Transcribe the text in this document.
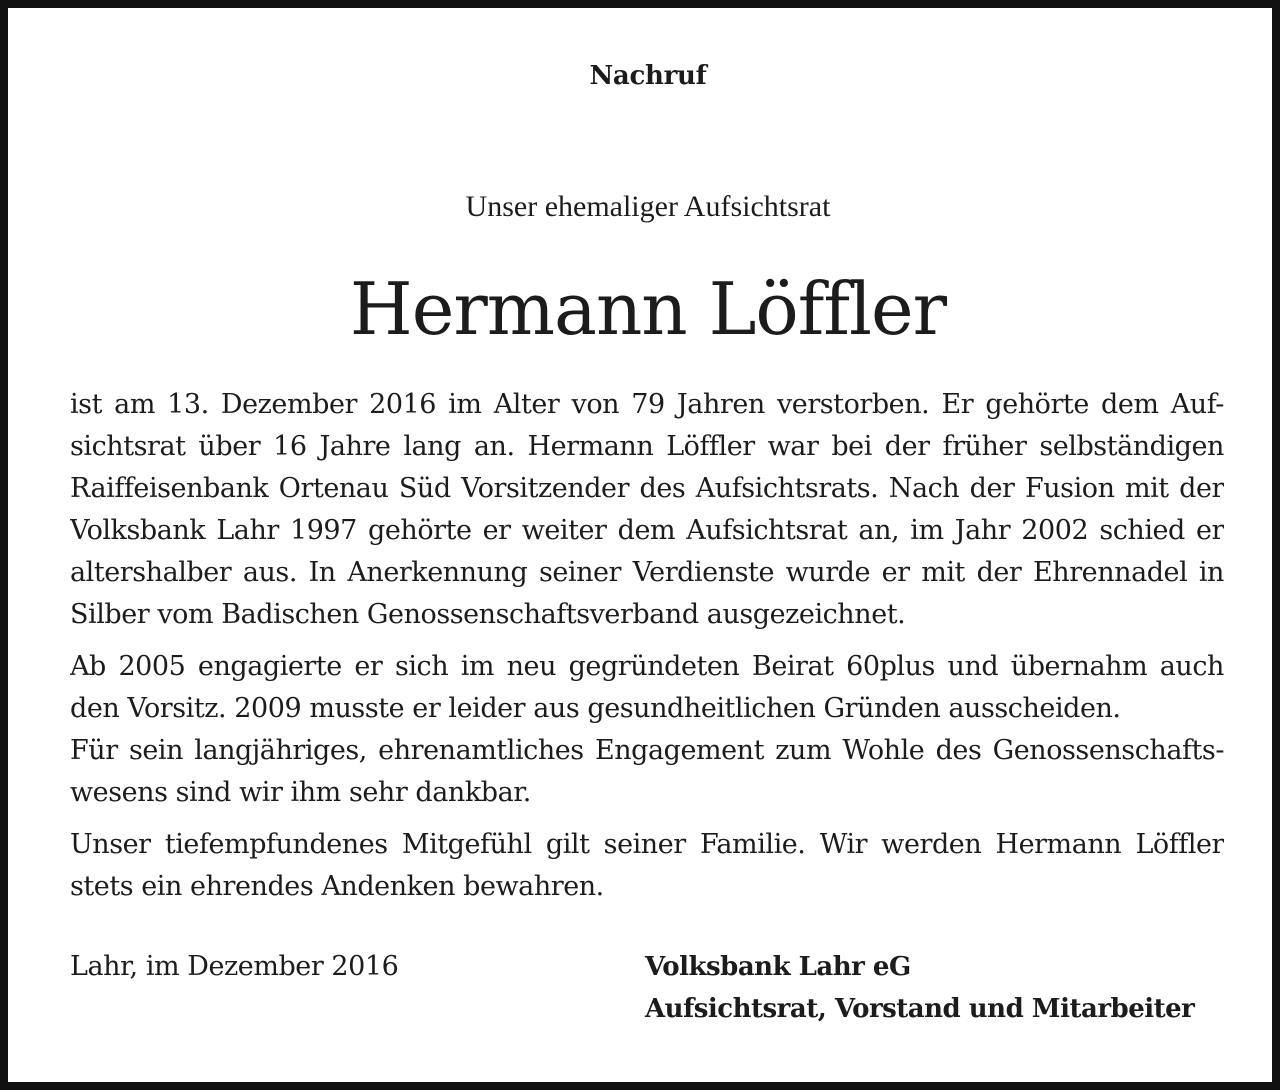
Nachruf
Unser ehemaliger Aufsichtsrat
Hermann Löffler

ist am 13. Dezember 2016 im Alter von 79 Jahren verstorben. Er gehörte dem Auf-
sichtsrat über 16 Jahre lang an. Hermann Löffler war bei der früher selbständigen
Raiffeisenbank Ortenau Süd Vorsitzender des Aufsichtsrats. Nach der Fusion mit der
Volksbank Lahr 1997 gehörte er weiter dem Aufsichtsrat an, im Jahr 2002 schied er
altershalber aus. In Anerkennung seiner Verdienste wurde er mit der Ehrennadel in
Silber vom Badischen Genossenschaftsverband ausgezeichnet.

Ab 2005 engagierte er sich im neu gegründeten Beirat 60plus und übernahm auch
den Vorsitz. 2009 musste er leider aus gesundheitlichen Gründen ausscheiden.
Für sein langjähriges, ehrenamtliches Engagement zum Wohle des Genossenschafts-
wesens sind wir ihm sehr dankbar.

Unser tiefempfundenes Mitgefühl gilt seiner Familie. Wir werden Hermann Löffler
stets ein ehrendes Andenken bewahren.

Lahr, im Dezember 2016	Volksbank Lahr eG
Aufsichtsrat, Vorstand und Mitarbeiter
